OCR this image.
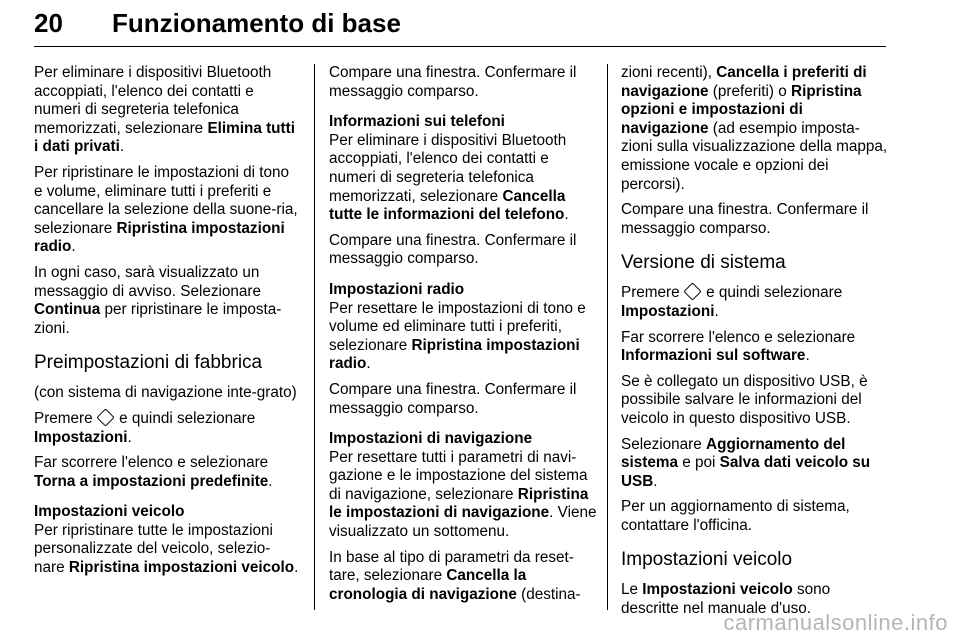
20 Funzionamento di base

Per eliminare i dispositivi Bluetooth accoppiati, l'elenco dei contatti e numeri di segreteria telefonica memorizzati, selezionare Elimina tutti i dati privati.

Per ripristinare le impostazioni di tono e volume, eliminare tutti i preferiti e cancellare la selezione della suone-ria, selezionare Ripristina impostazioni radio.

In ogni caso, sarà visualizzato un messaggio di avviso. Selezionare Continua per ripristinare le imposta-zioni.

Preimpostazioni di fabbrica

(con sistema di navigazione inte-grato)

Premere  e quindi selezionare Impostazioni.

Far scorrere l'elenco e selezionare Torna a impostazioni predefinite.

Impostazioni veicolo

Per ripristinare tutte le impostazioni personalizzate del veicolo, selezio-nare Ripristina impostazioni veicolo.

Compare una finestra. Confermare il messaggio comparso.

Informazioni sui telefoni

Per eliminare i dispositivi Bluetooth accoppiati, l'elenco dei contatti e numeri di segreteria telefonica memorizzati, selezionare Cancella tutte le informazioni del telefono.

Compare una finestra. Confermare il messaggio comparso.

Impostazioni radio

Per resettare le impostazioni di tono e volume ed eliminare tutti i preferiti, selezionare Ripristina impostazioni radio.

Compare una finestra. Confermare il messaggio comparso.

Impostazioni di navigazione

Per resettare tutti i parametri di navi-gazione e le impostazione del sistema di navigazione, selezionare Ripristina le impostazioni di navigazione. Viene visualizzato un sottomenu.

In base al tipo di parametri da reset-tare, selezionare Cancella la cronologia di navigazione (destina-

zioni recenti), Cancella i preferiti di navigazione (preferiti) o Ripristina opzioni e impostazioni di navigazione (ad esempio imposta-zioni sulla visualizzazione della mappa, emissione vocale e opzioni dei percorsi).

Compare una finestra. Confermare il messaggio comparso.

Versione di sistema

Premere  e quindi selezionare Impostazioni.

Far scorrere l'elenco e selezionare Informazioni sul software.

Se è collegato un dispositivo USB, è possibile salvare le informazioni del veicolo in questo dispositivo USB.

Selezionare Aggiornamento del sistema e poi Salva dati veicolo su USB.

Per un aggiornamento di sistema, contattare l'officina.

Impostazioni veicolo

Le Impostazioni veicolo sono descritte nel manuale d'uso.

carmanualsonline.info
